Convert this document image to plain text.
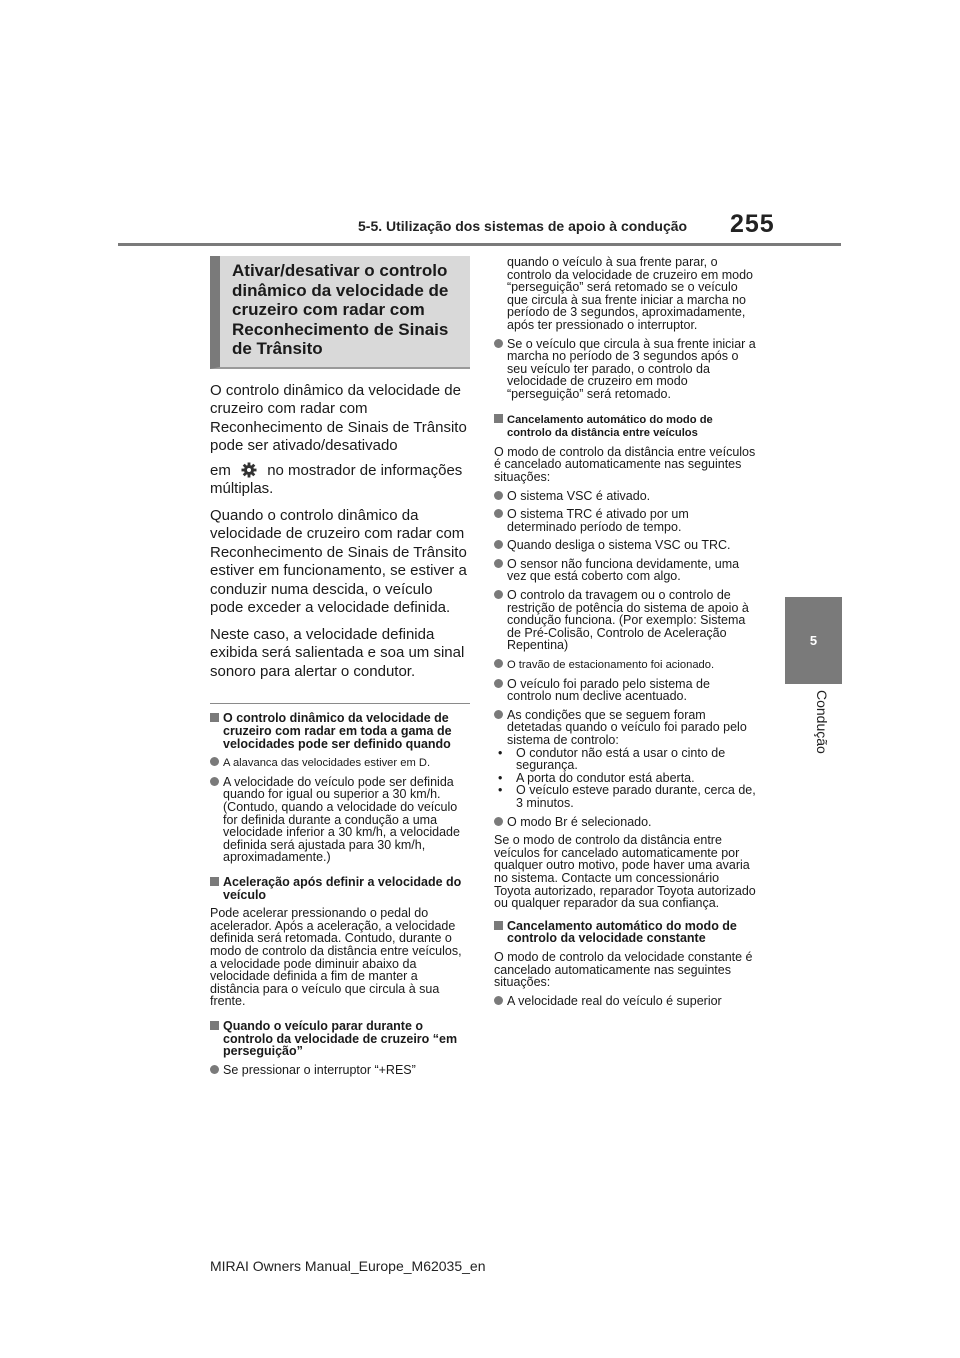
5-5. Utilização dos sistemas de apoio à condução 255
5
Condução
Ativar/desativar o controlo dinâmico da velocidade de cruzeiro com radar com Reconhecimento de Sinais de Trânsito

O controlo dinâmico da velocidade de cruzeiro com radar com Reconhecimento de Sinais de Trânsito pode ser ativado/desativado
em no mostrador de informações múltiplas.

Quando o controlo dinâmico da velocidade de cruzeiro com radar com Reconhecimento de Sinais de Trânsito estiver em funcionamento, se estiver a conduzir numa descida, o veículo pode exceder a velocidade definida.

Neste caso, a velocidade definida exibida será salientada e soa um sinal sonoro para alertar o condutor.

O controlo dinâmico da velocidade de cruzeiro com radar em toda a gama de velocidades pode ser definido quando
A alavanca das velocidades estiver em D.
A velocidade do veículo pode ser definida quando for igual ou superior a 30 km/h. (Contudo, quando a velocidade do veículo for definida durante a condução a uma velocidade inferior a 30 km/h, a velocidade definida será ajustada para 30 km/h, aproximadamente.)
Aceleração após definir a velocidade do veículo
Pode acelerar pressionando o pedal do acelerador. Após a aceleração, a velocidade definida será retomada. Contudo, durante o modo de controlo da distância entre veículos, a velocidade pode diminuir abaixo da velocidade definida a fim de manter a distância para o veículo que circula à sua frente.
Quando o veículo parar durante o controlo da velocidade de cruzeiro “em perseguição”
Se pressionar o interruptor “+RES”
quando o veículo à sua frente parar, o controlo da velocidade de cruzeiro em modo “perseguição” será retomado se o veículo que circula à sua frente iniciar a marcha no período de 3 segundos, aproximadamente, após ter pressionado o interruptor.
Se o veículo que circula à sua frente iniciar a marcha no período de 3 segundos após o seu veículo ter parado, o controlo da velocidade de cruzeiro em modo “perseguição” será retomado.
Cancelamento automático do modo de controlo da distância entre veículos
O modo de controlo da distância entre veículos é cancelado automaticamente nas seguintes situações:
O sistema VSC é ativado.
O sistema TRC é ativado por um determinado período de tempo.
Quando desliga o sistema VSC ou TRC.
O sensor não funciona devidamente, uma vez que está coberto com algo.
O controlo da travagem ou o controlo de restrição de potência do sistema de apoio à condução funciona. (Por exemplo: Sistema de Pré-Colisão, Controlo de Aceleração Repentina)
O travão de estacionamento foi acionado.
O veículo foi parado pelo sistema de controlo num declive acentuado.
As condições que se seguem foram detetadas quando o veículo foi parado pelo sistema de controlo:
• O condutor não está a usar o cinto de segurança.
• A porta do condutor está aberta.
• O veículo esteve parado durante, cerca de, 3 minutos.
O modo Br é selecionado.
Se o modo de controlo da distância entre veículos for cancelado automaticamente por qualquer outro motivo, pode haver uma avaria no sistema. Contacte um concessionário Toyota autorizado, reparador Toyota autorizado ou qualquer reparador da sua confiança.
Cancelamento automático do modo de controlo da velocidade constante
O modo de controlo da velocidade constante é cancelado automaticamente nas seguintes situações:
A velocidade real do veículo é superior
MIRAI Owners Manual_Europe_M62035_en
